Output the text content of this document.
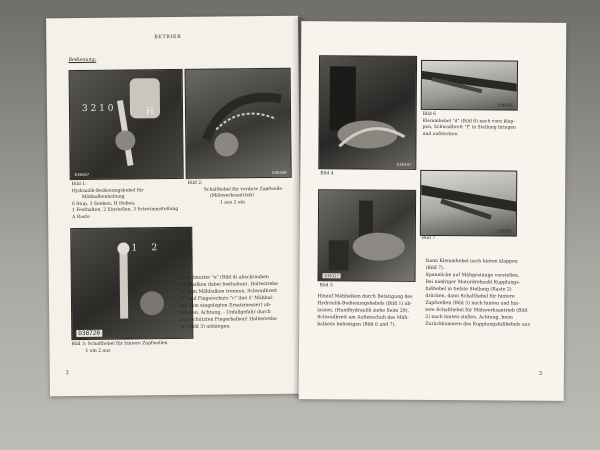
BETRIEB
Bedienung:
3 2 1 0	H
D36567	D36568
Bild 1:
Hydraulik-Bedienungshebel für
Mähbalkenhebung
0 Stop, 3 Senken, H Heben,
1 Festhalten, 2 Einstellen, 3 Schwimmstellung
A Raste
Bild 2:
Schalthebel für vordere Zapfwelle
(Mähwerksantrieb)
1 aus 2 ein
1 2
D38720
Bild 3: Schalthebel für hintere Zapfwellen
1 ein 2 aus
Kurbelmutter "e" (Bild 4) abschrauben
(Mähbalken dabei festhalten), Haltestrebe
"e" vom Mähbalken trennen, Schwadbrett
"b" und Fingerschutz "c" (bei 5' Mähbal-
ken zum eingelegten Ersatzmesser) ab-
nehmen. Achtung, - Unfallgefahr durch
ungeschützten Fingerbalken! Haltestrebe
"a" (Bild 3) anhängen.
2
D36347
D36566
Bild 6
Klemmhebel "d" (Bild 6) nach vorn klap-
pen, Schwadbrett "f" in Stellung bringen
und aufstecken.
Bild 4
D36565
Bild 7
D36327
Bild 5
Hinauf Mähbalken durch Betätigung des
Hydraulik-Bedienungshebels (Bild 1) ab-
lassen, (Handhydraulik siehe Seite 29).
Schwadbrett am Außenschuh des Mäh-
balkens befestigen (Bild 6 und 7).
Dann Klemmhebel nach hinten klappen
(Bild 7).
Spannücke auf Mähgestänge vorstellen.
Bei niedriger Motordrehzahl Kupplungs-
fußhebel in tiefste Stellung (Raste 2)
drücken, dann Schalthebel für hintere
Zapfwellen (Bild 3) nach hinten und hin-
tere Schalthebel für Mähwerksantrieb (Bild
2) nach hinten stellen. Achtung, beim
Zurückkommen des Kupplungsfußhebels aus
3
